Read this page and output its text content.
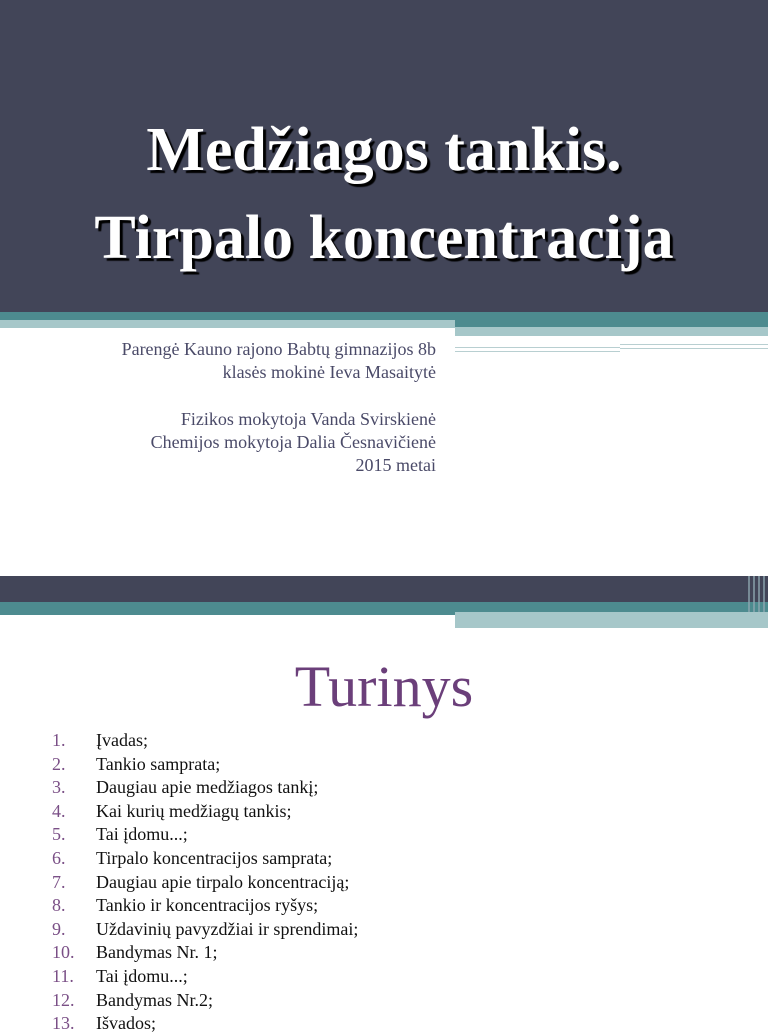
Medžiagos tankis.
Tirpalo koncentracija
Parengė Kauno rajono Babtų gimnazijos 8b
klasės mokinė Ieva Masaitytė
Fizikos mokytoja Vanda Svirskienė
Chemijos mokytoja Dalia Česnavičienė
2015 metai
Turinys
1. Įvadas;
2. Tankio samprata;
3. Daugiau apie medžiagos tankį;
4. Kai kurių medžiagų tankis;
5. Tai įdomu...;
6. Tirpalo koncentracijos samprata;
7. Daugiau apie tirpalo koncentraciją;
8. Tankio ir koncentracijos ryšys;
9. Uždavinių pavyzdžiai ir sprendimai;
10. Bandymas Nr. 1;
11. Tai įdomu...;
12. Bandymas Nr.2;
13. Išvados;
